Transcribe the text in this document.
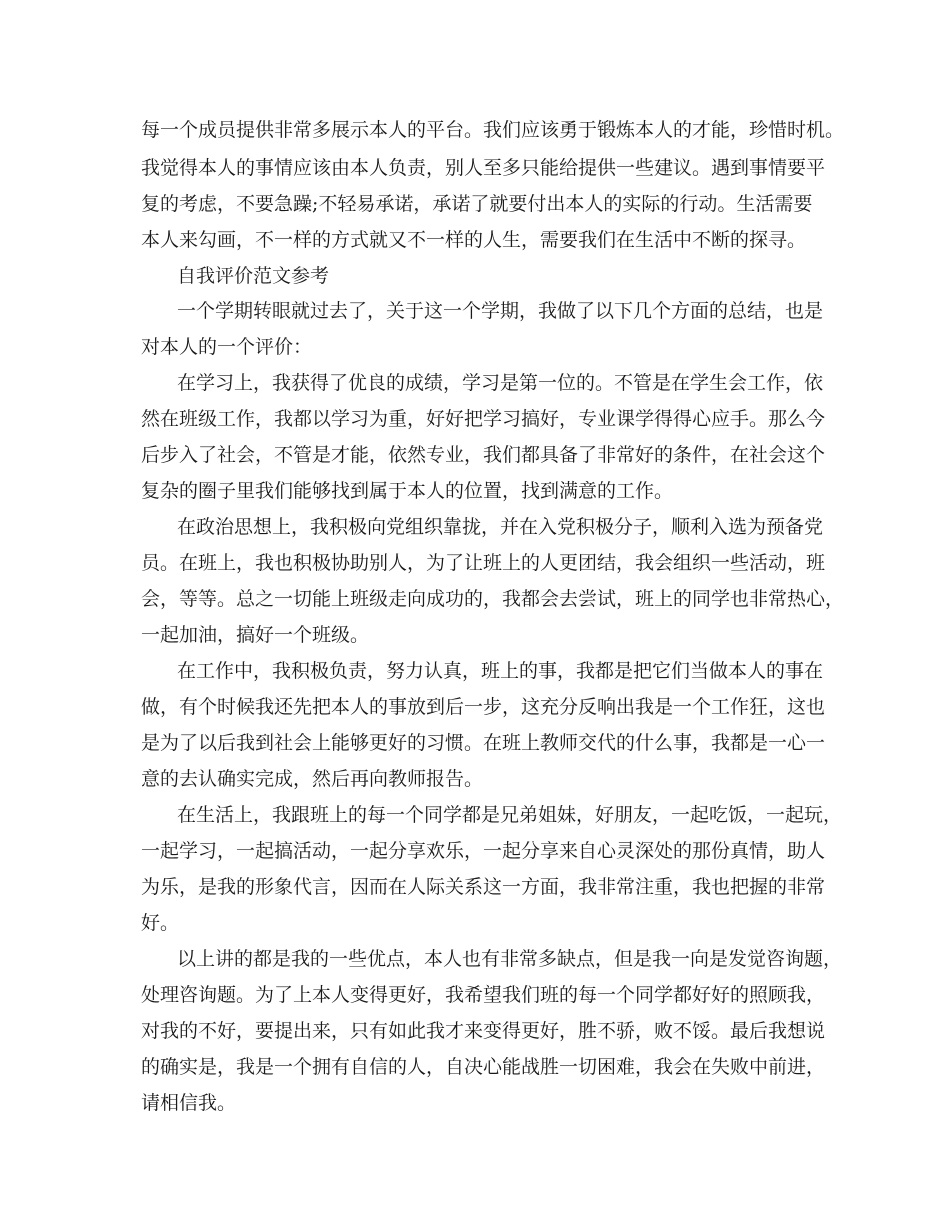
每一个成员提供非常多展示本人的平台。我们应该勇于锻炼本人的才能，珍惜时机。
我觉得本人的事情应该由本人负责，别人至多只能给提供一些建议。遇到事情要平
复的考虑，不要急躁;不轻易承诺，承诺了就要付出本人的实际的行动。生活需要
本人来勾画，不一样的方式就又不一样的人生，需要我们在生活中不断的探寻。
自我评价范文参考
一个学期转眼就过去了，关于这一个学期，我做了以下几个方面的总结，也是
对本人的一个评价：
在学习上，我获得了优良的成绩，学习是第一位的。不管是在学生会工作，依
然在班级工作，我都以学习为重，好好把学习搞好，专业课学得得心应手。那么今
后步入了社会，不管是才能，依然专业，我们都具备了非常好的条件，在社会这个
复杂的圈子里我们能够找到属于本人的位置，找到满意的工作。
在政治思想上，我积极向党组织靠拢，并在入党积极分子，顺利入选为预备党
员。在班上，我也积极协助别人，为了让班上的人更团结，我会组织一些活动，班
会，等等。总之一切能上班级走向成功的，我都会去尝试，班上的同学也非常热心，
一起加油，搞好一个班级。
在工作中，我积极负责，努力认真，班上的事，我都是把它们当做本人的事在
做，有个时候我还先把本人的事放到后一步，这充分反响出我是一个工作狂，这也
是为了以后我到社会上能够更好的习惯。在班上教师交代的什么事，我都是一心一
意的去认确实完成，然后再向教师报告。
在生活上，我跟班上的每一个同学都是兄弟姐妹，好朋友，一起吃饭，一起玩，
一起学习，一起搞活动，一起分享欢乐，一起分享来自心灵深处的那份真情，助人
为乐，是我的形象代言，因而在人际关系这一方面，我非常注重，我也把握的非常
好。
以上讲的都是我的一些优点，本人也有非常多缺点，但是我一向是发觉咨询题，
处理咨询题。为了上本人变得更好，我希望我们班的每一个同学都好好的照顾我，
对我的不好，要提出来，只有如此我才来变得更好，胜不骄，败不馁。最后我想说
的确实是，我是一个拥有自信的人，自决心能战胜一切困难，我会在失败中前进，
请相信我。
